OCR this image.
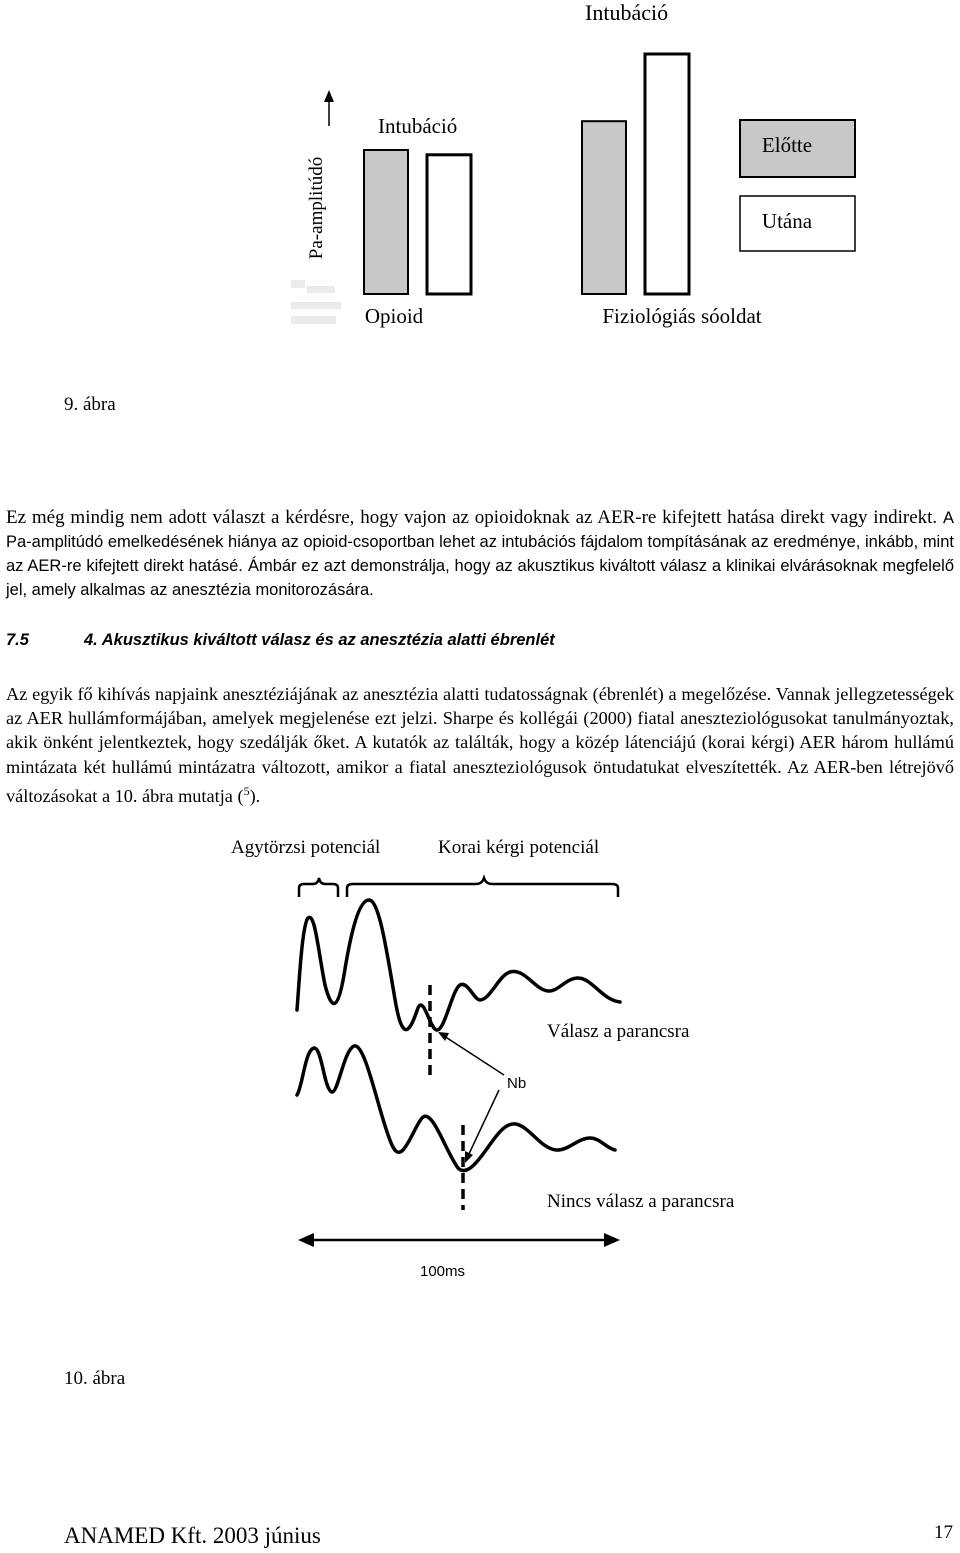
Intubáció
Pa-amplitúdó
Intubáció
Előtte
Utána
Opioid	Fiziológiás sóoldat
9. ábra
Ez még mindig nem adott választ a kérdésre, hogy vajon az opioidoknak az AER-re kifejtett hatása direkt vagy indirekt. A Pa-amplitúdó emelkedésének hiánya az opioid-csoportban lehet az intubációs fájdalom tompításának az eredménye, inkább, mint az AER-re kifejtett direkt hatásé. Ámbár ez azt demonstrálja, hogy az akusztikus kiváltott válasz a klinikai elvárásoknak megfelelő jel, amely alkalmas az anesztézia monitorozására.
7.5	4. Akusztikus kiváltott válasz és az anesztézia alatti ébrenlét
Az egyik fő kihívás napjaink anesztéziájának az anesztézia alatti tudatosságnak (ébrenlét) a megelőzése. Vannak jellegzetességek az AER hullámformájában, amelyek megjelenése ezt jelzi. Sharpe és kollégái (2000) fiatal aneszteziológusokat tanulmányoztak, akik önként jelentkeztek, hogy szedálják őket. A kutatók az találták, hogy a közép látenciájú (korai kérgi) AER három hullámú mintázata két hullámú mintázatra változott, amikor a fiatal aneszteziológusok öntudatukat elveszítették. Az AER-ben létrejövő változásokat a 10. ábra mutatja ($^5$).
Agytörzsi potenciál	Korai kérgi potenciál
Nb
Válasz a parancsra
Nincs válasz a parancsra
100ms
10. ábra
ANAMED Kft. 2003 június	17
